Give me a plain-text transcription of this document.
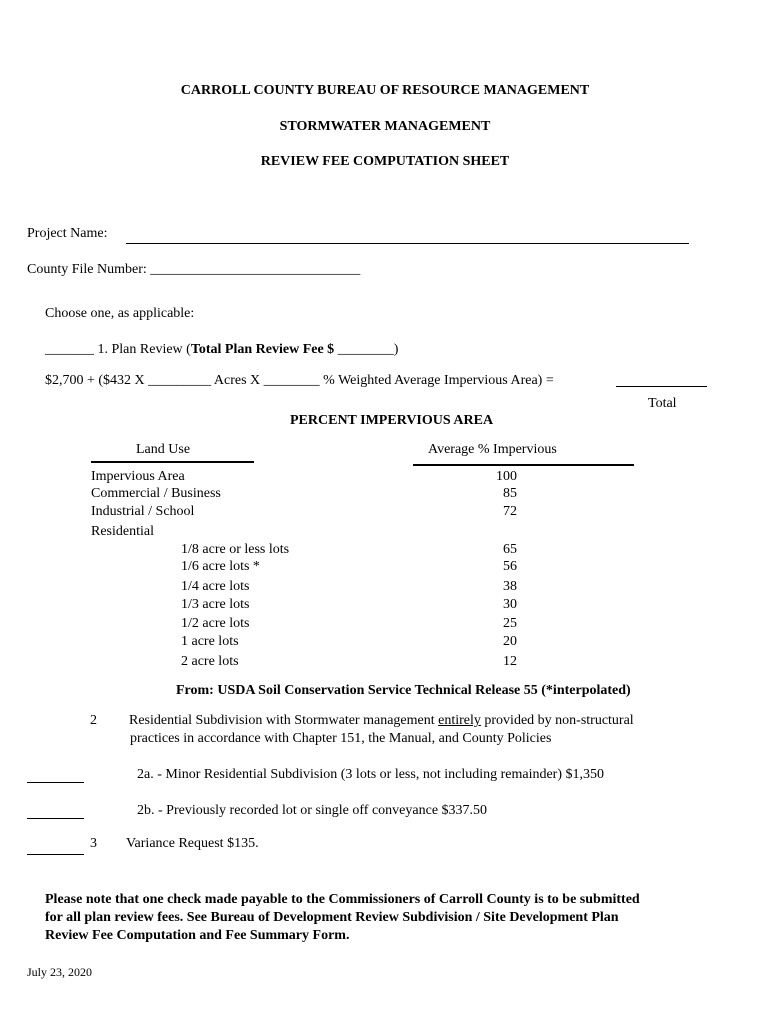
CARROLL COUNTY BUREAU OF RESOURCE MANAGEMENT
STORMWATER MANAGEMENT
REVIEW FEE COMPUTATION SHEET
Project Name:
County File Number: ______________________________
Choose one, as applicable:
_______ 1. Plan Review (Total Plan Review Fee $ ________)
$2,700 + ($432 X _________ Acres X ________ % Weighted Average Impervious Area) =
Total
PERCENT IMPERVIOUS AREA
Land Use	Average % Impervious
Impervious Area	100
Commercial / Business	85
Industrial / School	72
Residential
1/8 acre or less lots	65
1/6 acre lots *	56
1/4 acre lots	38
1/3 acre lots	30
1/2 acre lots	25
1 acre lots	20
2 acre lots	12
From: USDA Soil Conservation Service Technical Release 55 (*interpolated)
2 Residential Subdivision with Stormwater management entirely provided by non-structural
practices in accordance with Chapter 151, the Manual, and County Policies
2a. - Minor Residential Subdivision (3 lots or less, not including remainder) $1,350
2b. - Previously recorded lot or single off conveyance $337.50
3 Variance Request $135.
Please note that one check made payable to the Commissioners of Carroll County is to be submitted
for all plan review fees. See Bureau of Development Review Subdivision / Site Development Plan
Review Fee Computation and Fee Summary Form.
July 23, 2020
